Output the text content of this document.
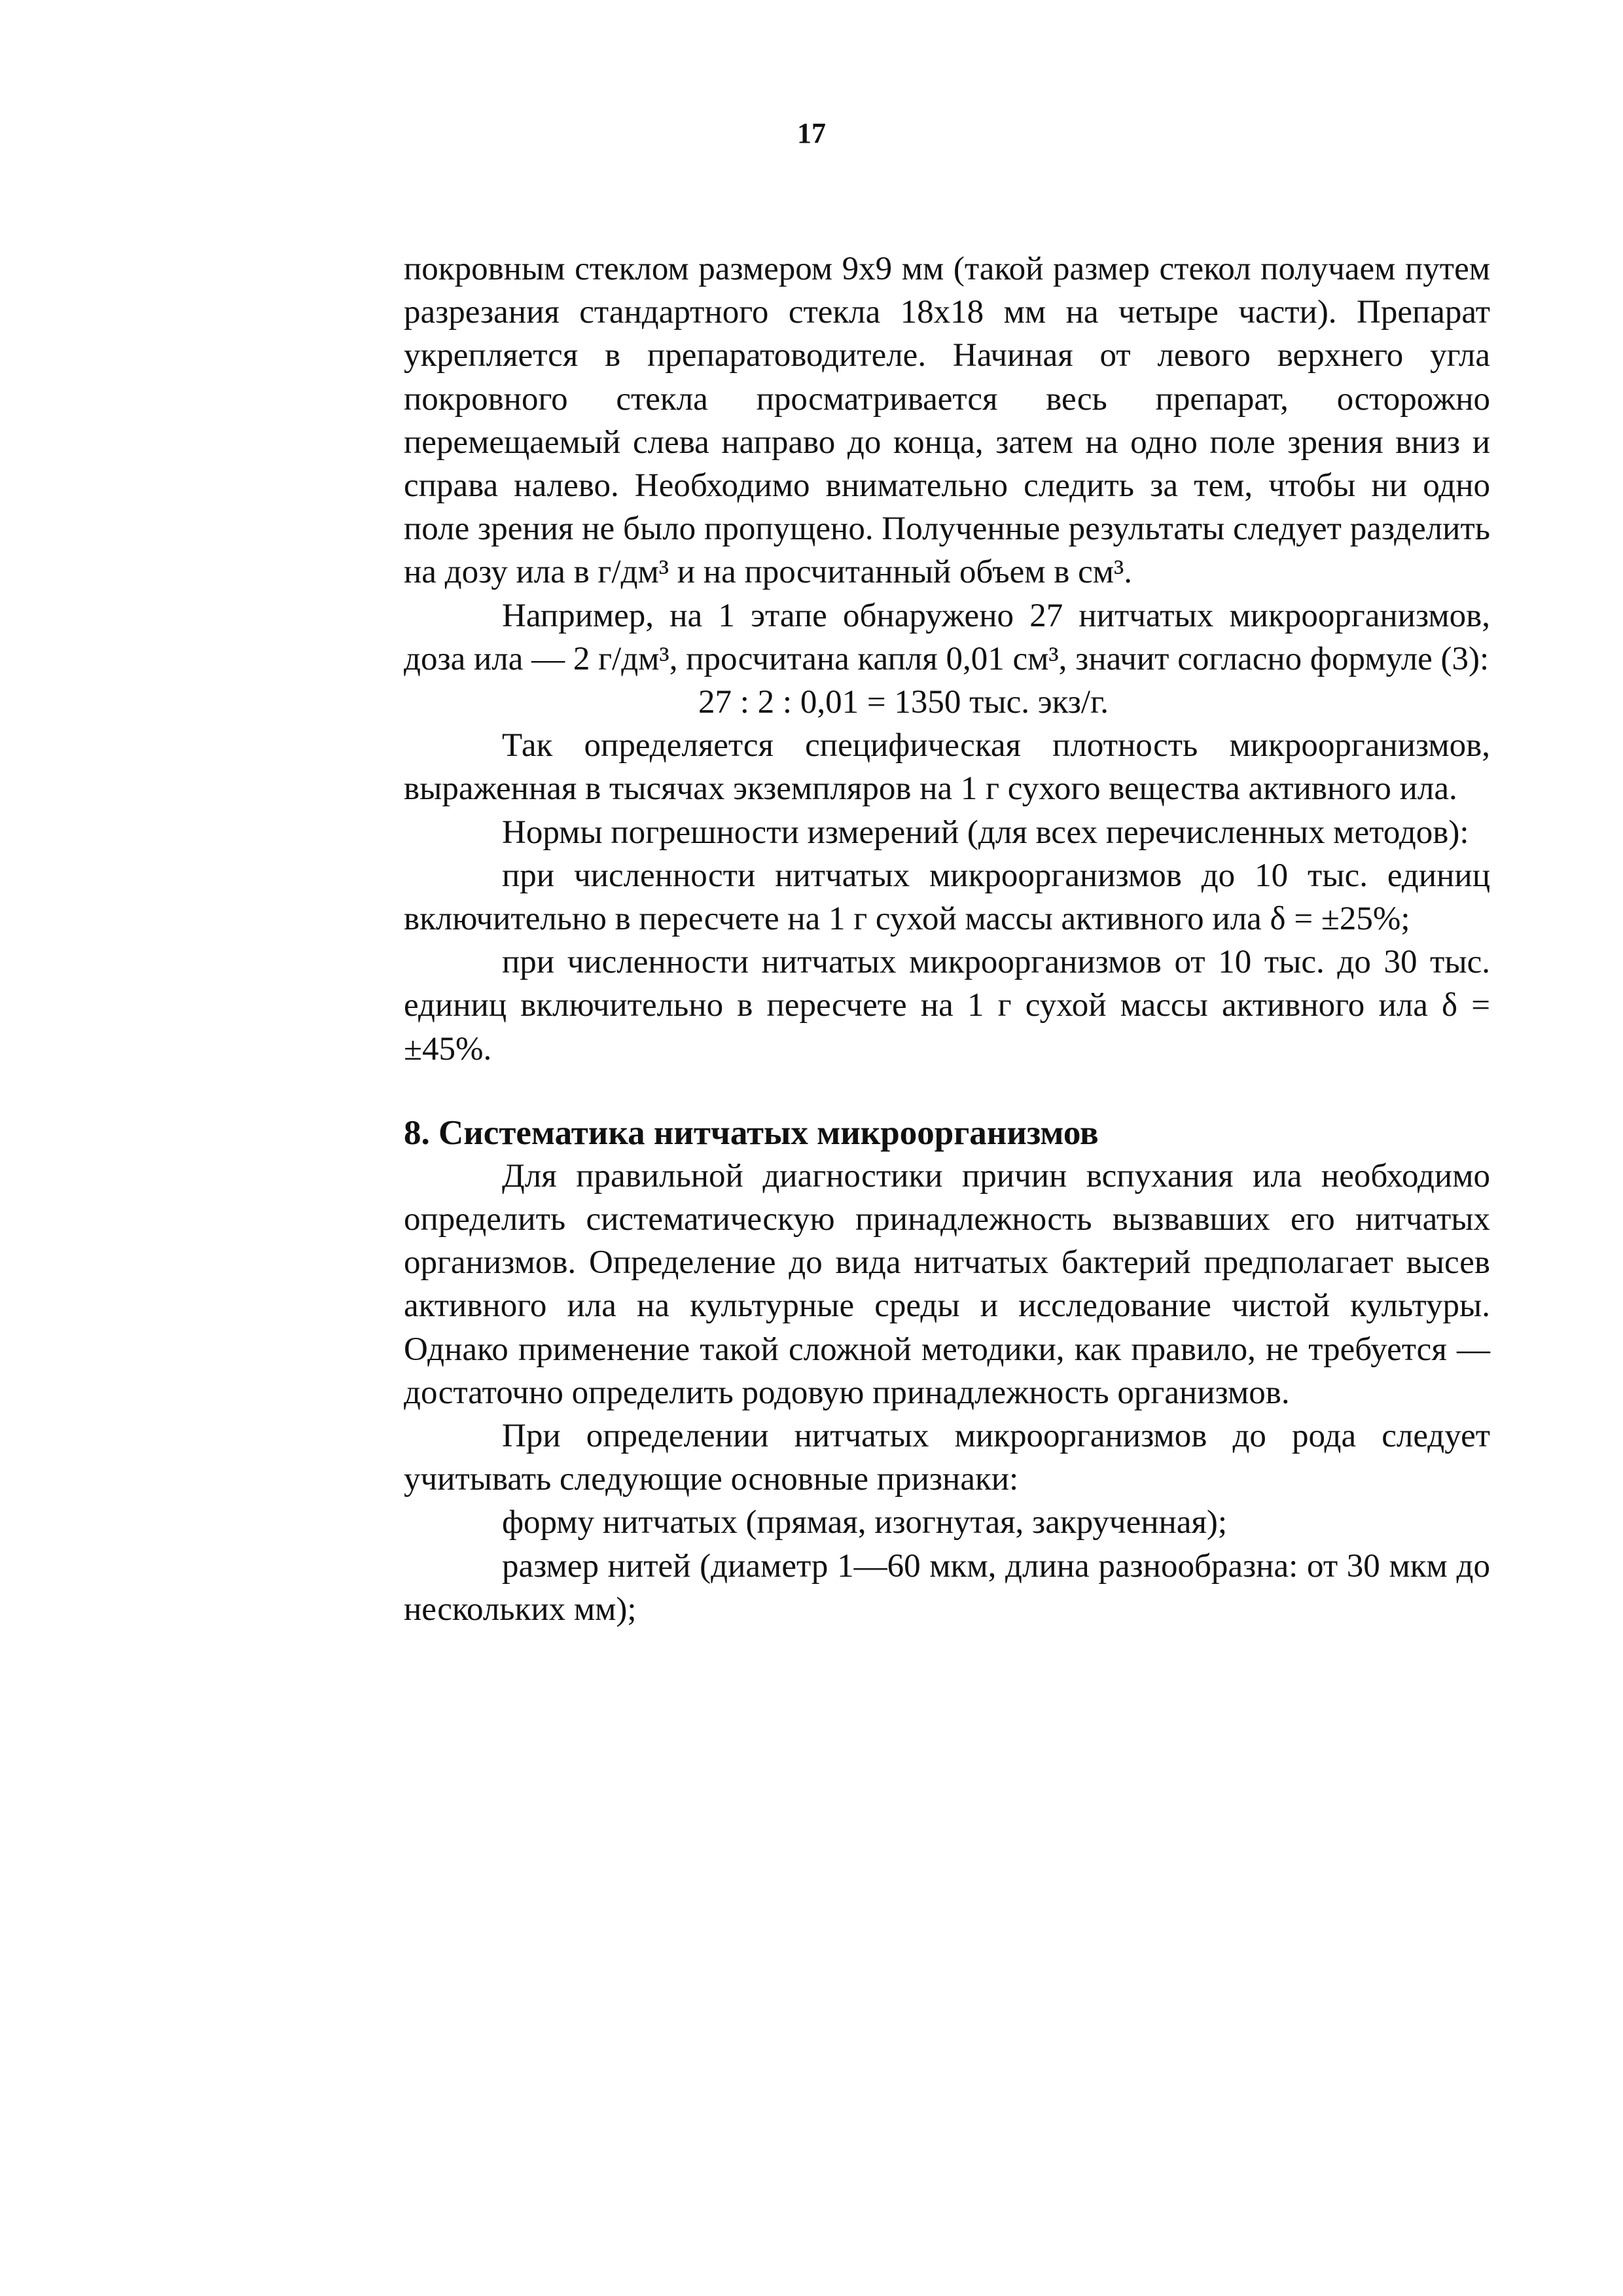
17

покровным стеклом размером 9х9 мм (такой размер стекол получаем путем разрезания стандартного стекла 18х18 мм на четыре части). Препарат укрепляется в препаратоводителе. Начиная от левого верхнего угла покровного стекла просматривается весь препарат, осторожно перемещаемый слева направо до конца, затем на одно поле зрения вниз и справа налево. Необходимо внимательно следить за тем, чтобы ни одно поле зрения не было пропущено. Полученные результаты следует разделить на дозу ила в г/дм³ и на просчитанный объем в см³.

Например, на 1 этапе обнаружено 27 нитчатых микроорганизмов, доза ила — 2 г/дм³, просчитана капля 0,01 см³, значит согласно формуле (3):

27 : 2 : 0,01 = 1350 тыс. экз/г.

Так определяется специфическая плотность микроорганизмов, выраженная в тысячах экземпляров на 1 г сухого вещества активного ила.

Нормы погрешности измерений (для всех перечисленных методов):

при численности нитчатых микроорганизмов до 10 тыс. единиц включительно в пересчете на 1 г сухой массы активного ила δ = ±25%;

при численности нитчатых микроорганизмов от 10 тыс. до 30 тыс. единиц включительно в пересчете на 1 г сухой массы активного ила δ = ±45%.

8. Систематика нитчатых микроорганизмов

Для правильной диагностики причин вспухания ила необходимо определить систематическую принадлежность вызвавших его нитчатых организмов. Определение до вида нитчатых бактерий предполагает высев активного ила на культурные среды и исследование чистой культуры. Однако применение такой сложной методики, как правило, не требуется — достаточно определить родовую принадлежность организмов.

При определении нитчатых микроорганизмов до рода следует учитывать следующие основные признаки:

форму нитчатых (прямая, изогнутая, закрученная);

размер нитей (диаметр 1—60 мкм, длина разнообразна: от 30 мкм до нескольких мм);
